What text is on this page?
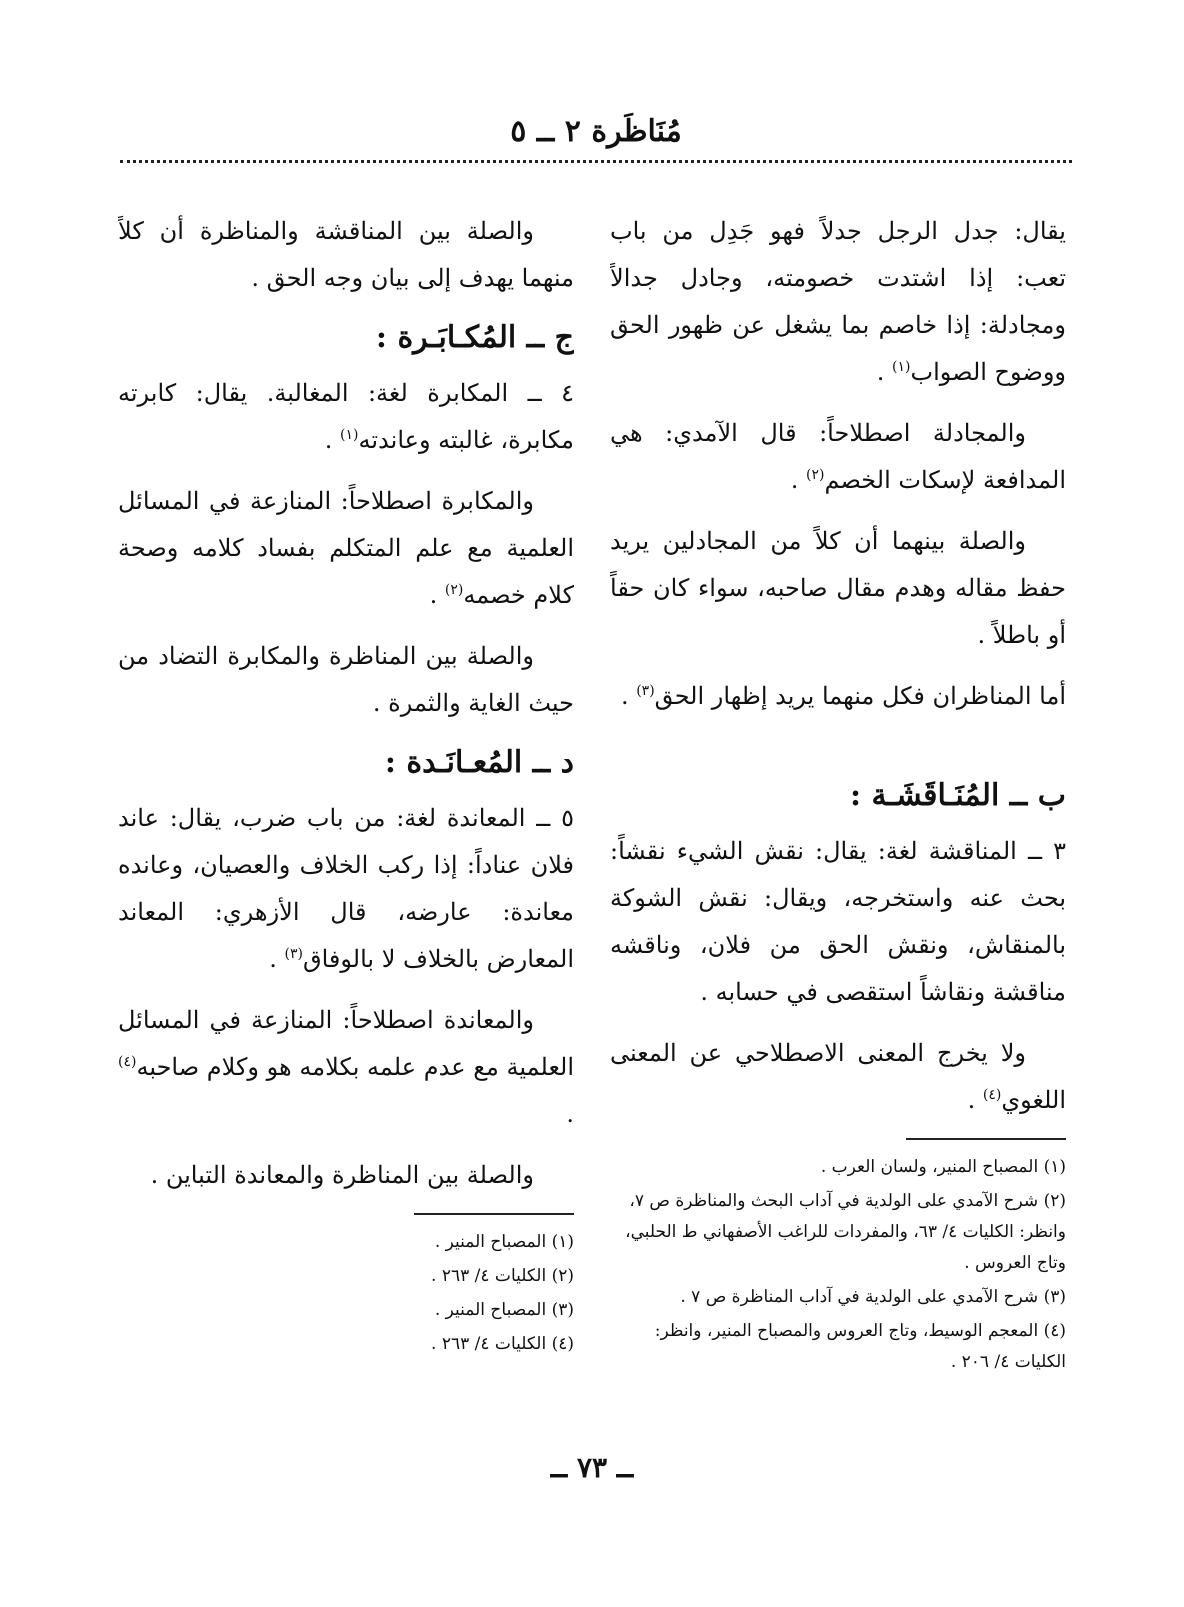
مُنَاظَرة ٢ ــ ٥

يقال: جدل الرجل جدلاً فهو جَدِل من باب تعب: إذا اشتدت خصومته، وجادل جدالاً ومجادلة: إذا خاصم بما يشغل عن ظهور الحق ووضوح الصواب$^{(١)}$ .

والمجادلة اصطلاحاً: قال الآمدي: هي المدافعة لإسكات الخصم$^{(٢)}$ .

والصلة بينهما أن كلاً من المجادلين يريد حفظ مقاله وهدم مقال صاحبه، سواء كان حقاً أو باطلاً .

أما المناظران فكل منهما يريد إظهار الحق$^{(٣)}$ .

ب ــ المُنَـاقَشَـة :

٣ ــ المناقشة لغة: يقال: نقش الشيء نقشاً: بحث عنه واستخرجه، ويقال: نقش الشوكة بالمنقاش، ونقش الحق من فلان، وناقشه مناقشة ونقاشاً استقصى في حسابه .

ولا يخرج المعنى الاصطلاحي عن المعنى اللغوي$^{(٤)}$ .

(١) المصباح المنير، ولسان العرب .

(٢) شرح الآمدي على الولدية في آداب البحث والمناظرة ص ٧، وانظر: الكليات ٤/ ٦٣، والمفردات للراغب الأصفهاني ط الحلبي، وتاج العروس .

(٣) شرح الآمدي على الولدية في آداب المناظرة ص ٧ .

(٤) المعجم الوسيط، وتاج العروس والمصباح المنير، وانظر: الكليات ٤/ ٢٠٦ .

والصلة بين المناقشة والمناظرة أن كلاً منهما يهدف إلى بيان وجه الحق .

ج ــ المُكـابَـرة :

٤ ــ المكابرة لغة: المغالبة. يقال: كابرته مكابرة، غالبته وعاندته$^{(١)}$ .

والمكابرة اصطلاحاً: المنازعة في المسائل العلمية مع علم المتكلم بفساد كلامه وصحة كلام خصمه$^{(٢)}$ .

والصلة بين المناظرة والمكابرة التضاد من حيث الغاية والثمرة .

د ــ المُعـانَـدة :

٥ ــ المعاندة لغة: من باب ضرب، يقال: عاند فلان عناداً: إذا ركب الخلاف والعصيان، وعانده معاندة: عارضه، قال الأزهري: المعاند المعارض بالخلاف لا بالوفاق$^{(٣)}$ .

والمعاندة اصطلاحاً: المنازعة في المسائل العلمية مع عدم علمه بكلامه هو وكلام صاحبه$^{(٤)}$ .

والصلة بين المناظرة والمعاندة التباين .

(١) المصباح المنير .

(٢) الكليات ٤/ ٢٦٣ .

(٣) المصباح المنير .

(٤) الكليات ٤/ ٢٦٣ .

ــ ٧٣ ــ
